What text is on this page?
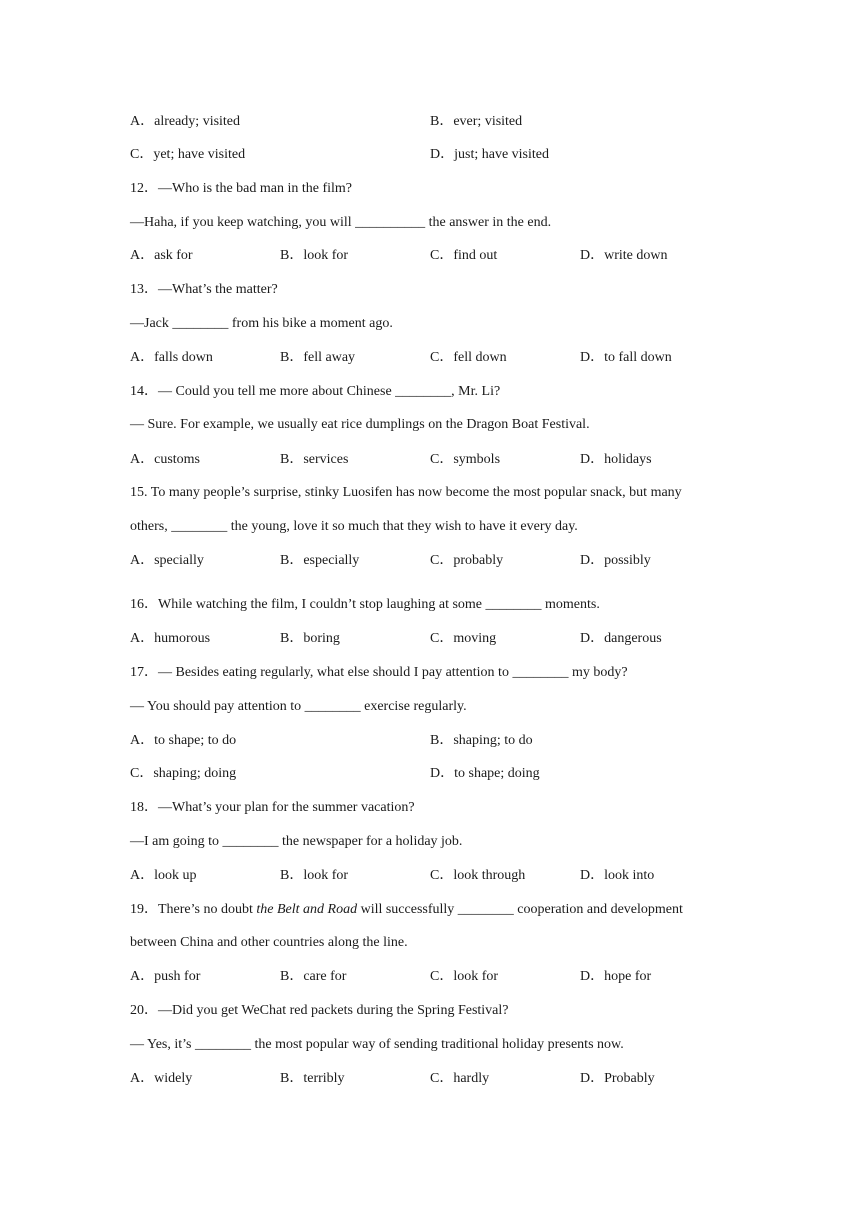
A．already; visited	B．ever; visited
C．yet; have visited	D．just; have visited
12．—Who is the bad man in the film?
—Haha, if you keep watching, you will __________ the answer in the end.
A．ask for	B．look for	C．find out	D．write down
13．—What’s the matter?
—Jack ________ from his bike a moment ago.
A．falls down	B．fell away	C．fell down	D．to fall down
14．— Could you tell me more about Chinese ________, Mr. Li?
— Sure. For example, we usually eat rice dumplings on the Dragon Boat Festival.
A．customs	B．services	C．symbols	D．holidays
15. To many people’s surprise, stinky Luosifen has now become the most popular snack, but many
others, ________ the young, love it so much that they wish to have it every day.
A．specially	B．especially	C．probably	D．possibly
16．While watching the film, I couldn’t stop laughing at some ________ moments.
A．humorous	B．boring	C．moving	D．dangerous
17．— Besides eating regularly, what else should I pay attention to ________ my body?
— You should pay attention to ________ exercise regularly.
A．to shape; to do	B．shaping; to do
C．shaping; doing	D．to shape; doing
18．—What’s your plan for the summer vacation?
—I am going to ________ the newspaper for a holiday job.
A．look up	B．look for	C．look through	D．look into
19．There’s no doubt the Belt and Road will successfully ________ cooperation and development
between China and other countries along the line.
A．push for	B．care for	C．look for	D．hope for
20．—Did you get WeChat red packets during the Spring Festival?
— Yes, it’s ________ the most popular way of sending traditional holiday presents now.
A．widely	B．terribly	C．hardly	D．Probably
